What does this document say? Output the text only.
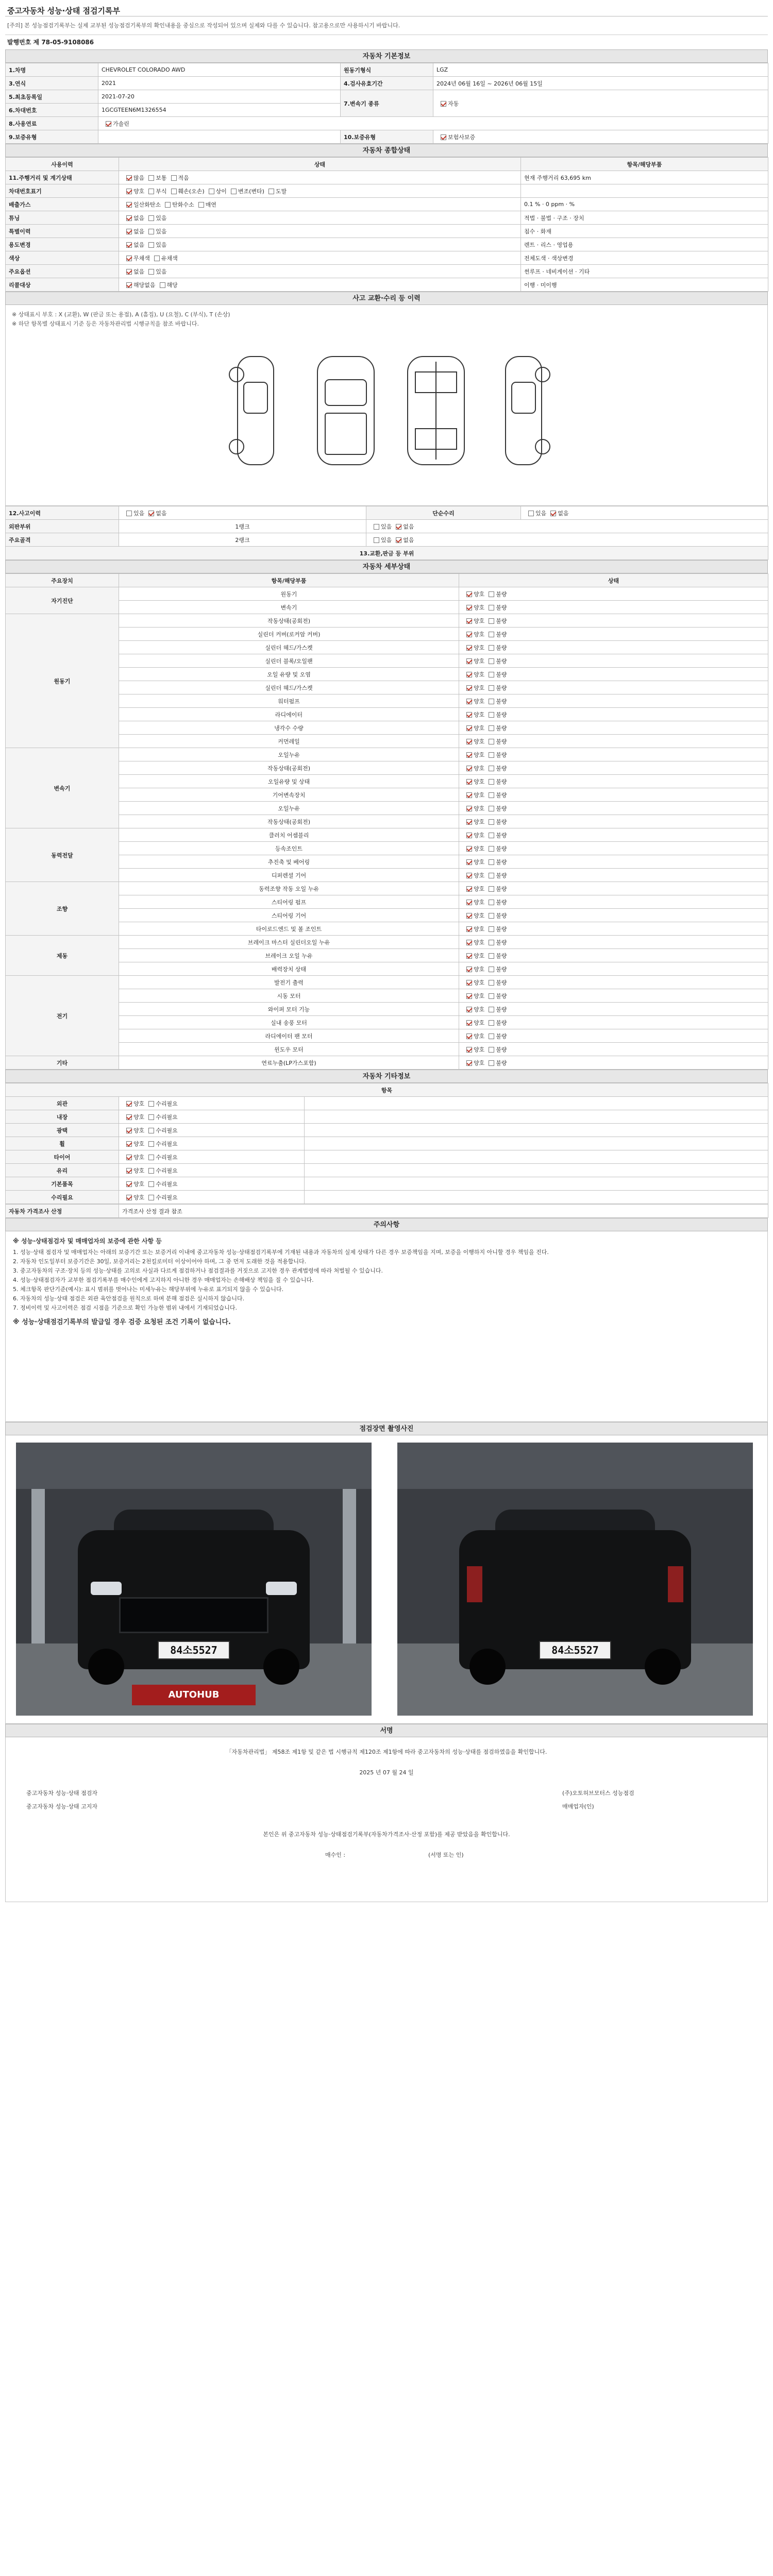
중고자동차 성능·상태 점검기록부
[주의] 본 성능점검기록부는 실제 교부된 성능점검기록부의 확인내용을 중심으로 작성되어 있으며 실제와 다를 수 있습니다. 참고용으로만 사용하시기 바랍니다.
발행번호 제 78-05-9108086
자동차 기본정보
1.차명	CHEVROLET COLORADO AWD	원동기형식	LGZ
3.연식	2021	4.검사유효기간	2024년 06월 16일 ~ 2026년 06월 15일
5.최초등록일	2021-07-20	7.변속기 종류	자동
6.차대번호	1GCGTEEN6M1326554		
8.사용연료	가솔린		
9.보증유형		10.보증유형	보험사보증
자동차 종합상태
사용이력	상태	항목/해당부품
11.주행거리 및 계기상태	많음 보통 적음	현재 주행거리 63,695 km
차대번호표기	양호 부식 훼손(오손) 상이 변조(변타) 도말	
배출가스	일산화탄소 탄화수소 매연	0.1 % · 0 ppm · %
튜닝	없음 있음	적법 · 불법 · 구조 · 장치
특별이력	없음 있음	침수 · 화재
용도변경	없음 있음	렌트 · 리스 · 영업용
색상	무채색 유채색	전체도색 · 색상변경
주요옵션	없음 있음	썬루프 · 네비게이션 · 기타
리콜대상	해당없음 해당	이행 · 미이행
사고 교환·수리 등 이력
※ 상태표시 부호 : X (교환), W (판금 또는 용접), A (흠집), U (요철), C (부식), T (손상)
※ 하단 항목별 상태표시 기준 등은 자동차관리법 시행규칙을 참조 바랍니다.
12.사고이력	있음 없음	단순수리	있음 없음
외판부위	1랭크	있음 없음	
주요골격	2랭크	있음 없음	
13.교환,판금 등 부위			
자동차 세부상태
주요장치	항목/해당부품	상태
자기진단	원동기	양호 불량
	변속기	양호 불량
원동기	작동상태(공회전)	양호 불량
	실린더 커버(로커암 커버)	양호 불량
	실린더 헤드/가스켓	양호 불량
	실린더 블록/오일팬	양호 불량
	오일 유량 및 오염	양호 불량
	실린더 헤드/가스켓	양호 불량
	워터펌프	양호 불량
	라디에이터	양호 불량
	냉각수 수량	양호 불량
	커먼레일	양호 불량
변속기	오일누유	양호 불량
	작동상태(공회전)	양호 불량
	오일유량 및 상태	양호 불량
	기어변속장치	양호 불량
	오일누유	양호 불량
	작동상태(공회전)	양호 불량
동력전달	클러치 어셈블리	양호 불량
	등속조인트	양호 불량
	추진축 및 베어링	양호 불량
	디퍼렌셜 기어	양호 불량
조향	동력조향 작동 오일 누유	양호 불량
	스티어링 펌프	양호 불량
	스티어링 기어	양호 불량
	타이로드엔드 및 볼 조인트	양호 불량
제동	브레이크 마스터 실린더오일 누유	양호 불량
	브레이크 오일 누유	양호 불량
	배력장치 상태	양호 불량
전기	발전기 출력	양호 불량
	시동 모터	양호 불량
	와이퍼 모터 기능	양호 불량
	실내 송풍 모터	양호 불량
	라디에이터 팬 모터	양호 불량
	윈도우 모터	양호 불량
기타	연료누출(LP가스포함)	양호 불량
자동차 기타정보
항목		
외관	양호 수리필요	
내장	양호 수리필요	
광택	양호 수리필요	
휠	양호 수리필요	
타이어	양호 수리필요	
유리	양호 수리필요	
기본품목	양호 수리필요	
수리필요	양호 수리필요	
자동차 가격조사 산정	가격조사 산정 결과 참조
주의사항
※ 성능·상태점검자 및 매매업자의 보증에 관한 사항 등
1. 성능·상태 점검자 및 매매업자는 아래의 보증기간 또는 보증거리 이내에 중고자동차 성능·상태점검기록부에 기재된 내용과 자동차의 실제 상태가 다른 경우 보증책임을 지며, 보증을 이행하지 아니할 경우 책임을 진다.
2. 자동차 인도일부터 보증기간은 30일, 보증거리는 2천킬로미터 이상이어야 하며, 그 중 먼저 도래한 것을 적용합니다.
3. 중고자동차의 구조·장치 등의 성능·상태를 고의로 사실과 다르게 점검하거나 점검결과를 거짓으로 고지한 경우 관계법령에 따라 처벌될 수 있습니다.
4. 성능·상태점검자가 교부한 점검기록부를 매수인에게 고지하지 아니한 경우 매매업자는 손해배상 책임을 질 수 있습니다.
5. 체크항목 판단기준(예시): 표시 범위를 벗어나는 미세누유는 해당부위에 누유로 표기되지 않을 수 있습니다.
6. 자동차의 성능·상태 점검은 외관 육안점검을 원칙으로 하며 분해 점검은 실시하지 않습니다.
7. 정비이력 및 사고이력은 점검 시점을 기준으로 확인 가능한 범위 내에서 기재되었습니다.
※ 성능·상태점검기록부의 발급일 경우 검증 요청된 조건 기록이 없습니다.
점검장면 촬영사진
84소5527
AUTOHUB
84소5527
서명
「자동차관리법」 제58조 제1항 및 같은 법 시행규칙 제120조 제1항에 따라 중고자동차의 성능·상태를 점검하였음을 확인합니다.
2025 년 07 월 24 일
중고자동차 성능·상태 점검자	(주)오토허브모터스 성능점검
중고자동차 성능·상태 고지자	매매업자(인)
본인은 위 중고자동차 성능·상태점검기록부(자동차가격조사·산정 포함)를 제공 받았음을 확인합니다.
매수인 :	(서명 또는 인)
